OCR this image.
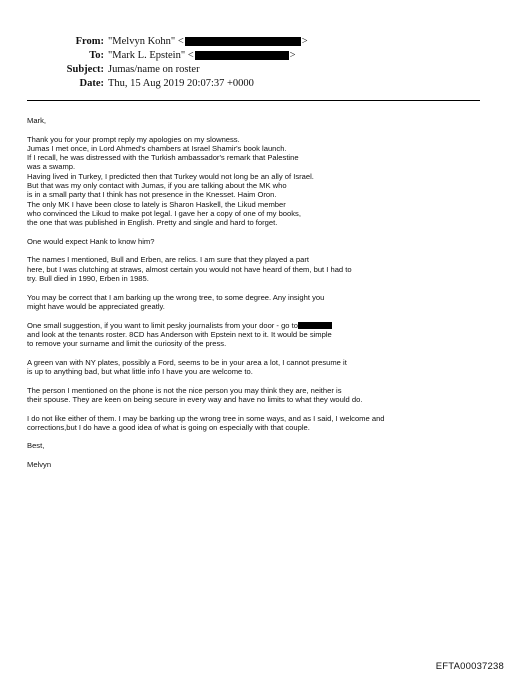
From: "Melvyn Kohn" <	>
To: "Mark L. Epstein" <	>
Subject: Jumas/name on roster
Date: Thu, 15 Aug 2019 20:07:37 +0000

Mark,

Thank you for your prompt reply my apologies on my slowness.
Jumas I met once, in Lord Ahmed's chambers at Israel Shamir's book launch.
If I recall, he was distressed with the Turkish ambassador's remark that Palestine
was a swamp.
Having lived in Turkey, I predicted then that Turkey would not long be an ally of Israel.
But that was my only contact with Jumas, if you are talking about the MK who
is in a small party that I think has not presence in the Knesset. Haim Oron.
The only MK I have been close to lately is Sharon Haskell, the Likud member
who convinced the Likud to make pot legal. I gave her a copy of one of my books,
the one that was published in English. Pretty and single and hard to forget.

One would expect Hank to know him?

The names I mentioned, Bull and Erben, are relics. I am sure that they played a part
here, but I was clutching at straws, almost certain you would not have heard of them, but I had to
try. Bull died in 1990, Erben in 1985.

You may be correct that I am barking up the wrong tree, to some degree. Any insight you
might have would be appreciated greatly.

One small suggestion, if you want to limit pesky journalists from your door - go to
and look at the tenants roster. 8CD has Anderson with Epstein next to it. It would be simple
to remove your surname and limit the curiosity of the press.

A green van with NY plates, possibly a Ford, seems to be in your area a lot, I cannot presume it
is up to anything bad, but what little info I have you are welcome to.

The person I mentioned on the phone is not the nice person you may think they are, neither is
their spouse. They are keen on being secure in every way and have no limits to what they would do.

I do not like either of them. I may be barking up the wrong tree in some ways, and as I said, I welcome and
corrections,but I do have a good idea of what is going on especially with that couple.

Best,

Melvyn

EFTA00037238
